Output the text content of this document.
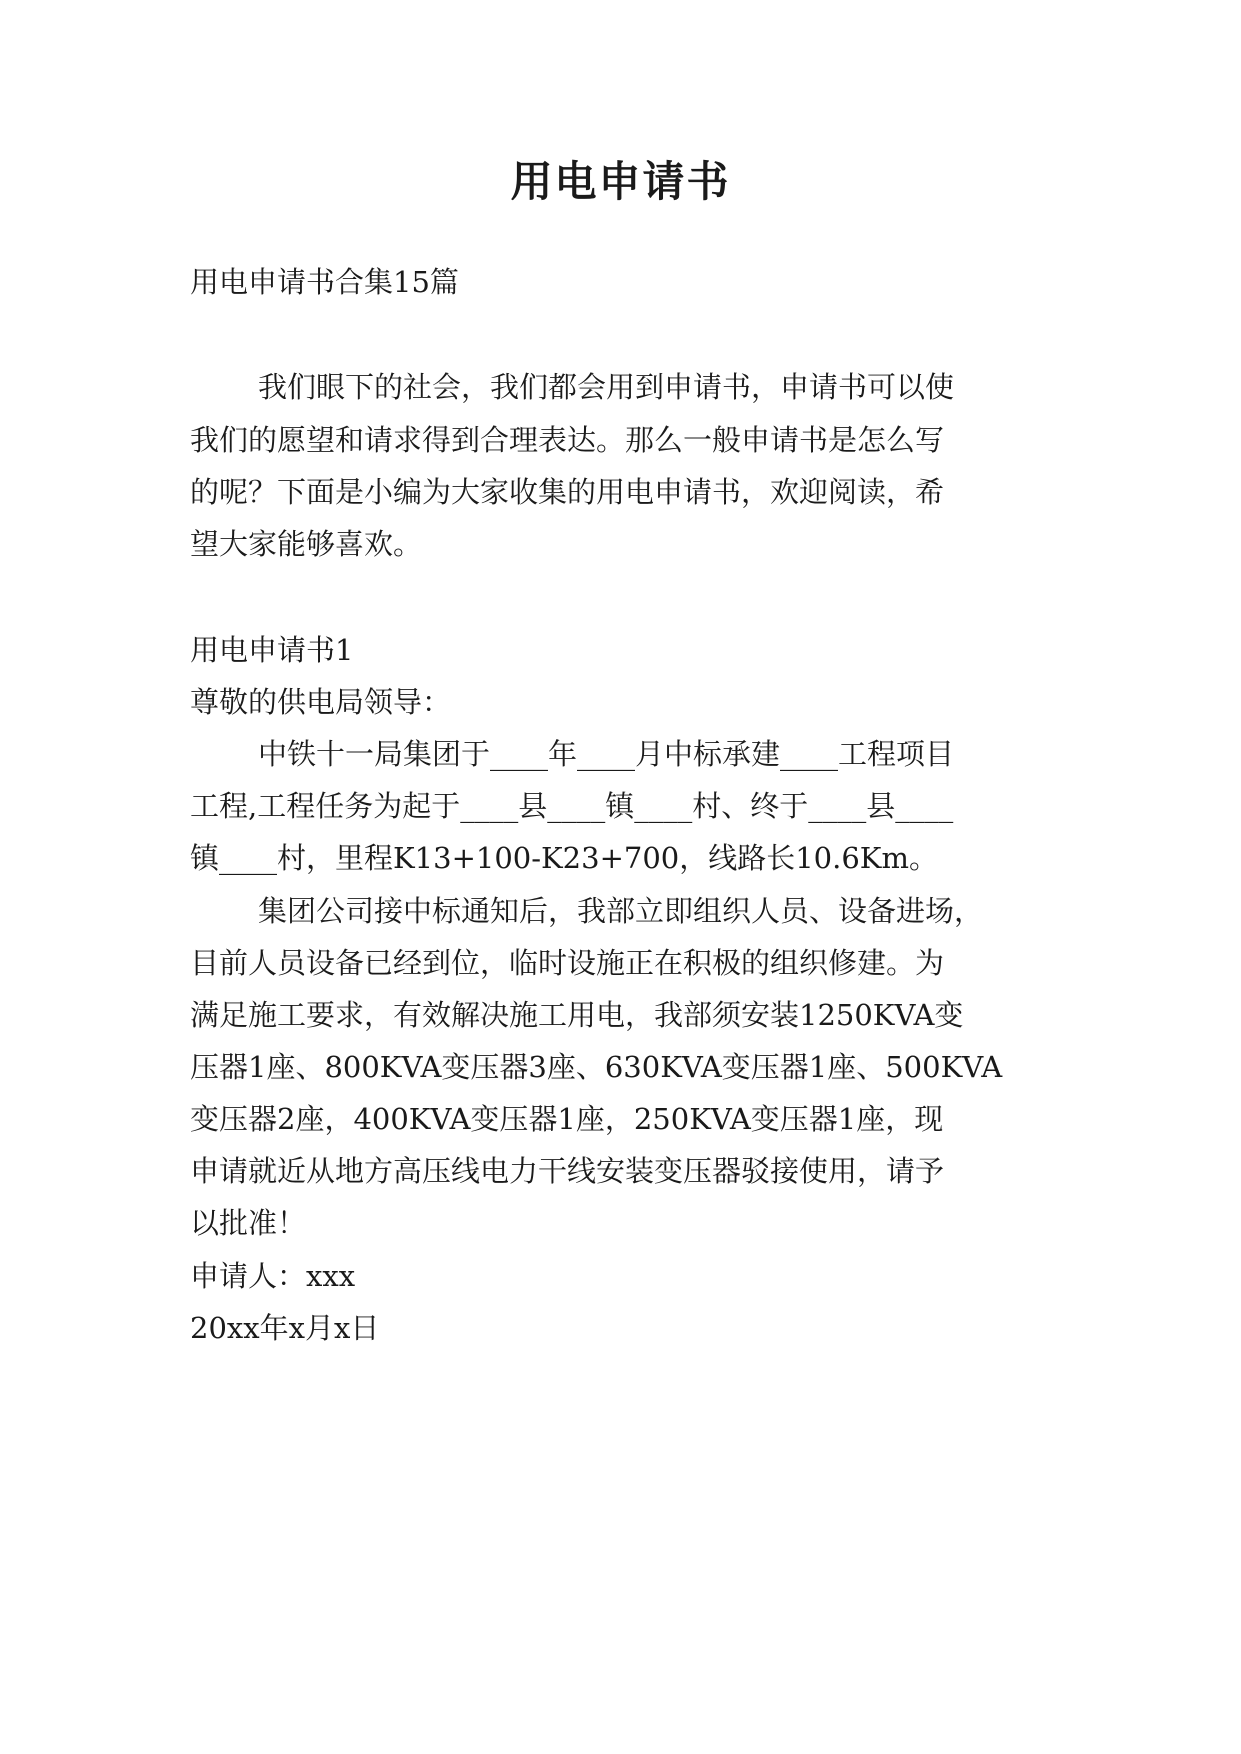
用电申请书

用电申请书合集15篇

我们眼下的社会，我们都会用到申请书，申请书可以使

我们的愿望和请求得到合理表达。那么一般申请书是怎么写

的呢？下面是小编为大家收集的用电申请书，欢迎阅读，希

望大家能够喜欢。

用电申请书1

尊敬的供电局领导：

中铁十一局集团于____年____月中标承建____工程项目

工程,工程任务为起于____县____镇____村、终于____县____

镇____村，里程K13+100-K23+700，线路长10.6Km。

集团公司接中标通知后，我部立即组织人员、设备进场，

目前人员设备已经到位，临时设施正在积极的组织修建。为

满足施工要求，有效解决施工用电，我部须安装1250KVA变

压器1座、800KVA变压器3座、630KVA变压器1座、500KVA

变压器2座，400KVA变压器1座，250KVA变压器1座，现

申请就近从地方高压线电力干线安装变压器驳接使用，请予

以批准！

申请人：xxx

20xx年x月x日
